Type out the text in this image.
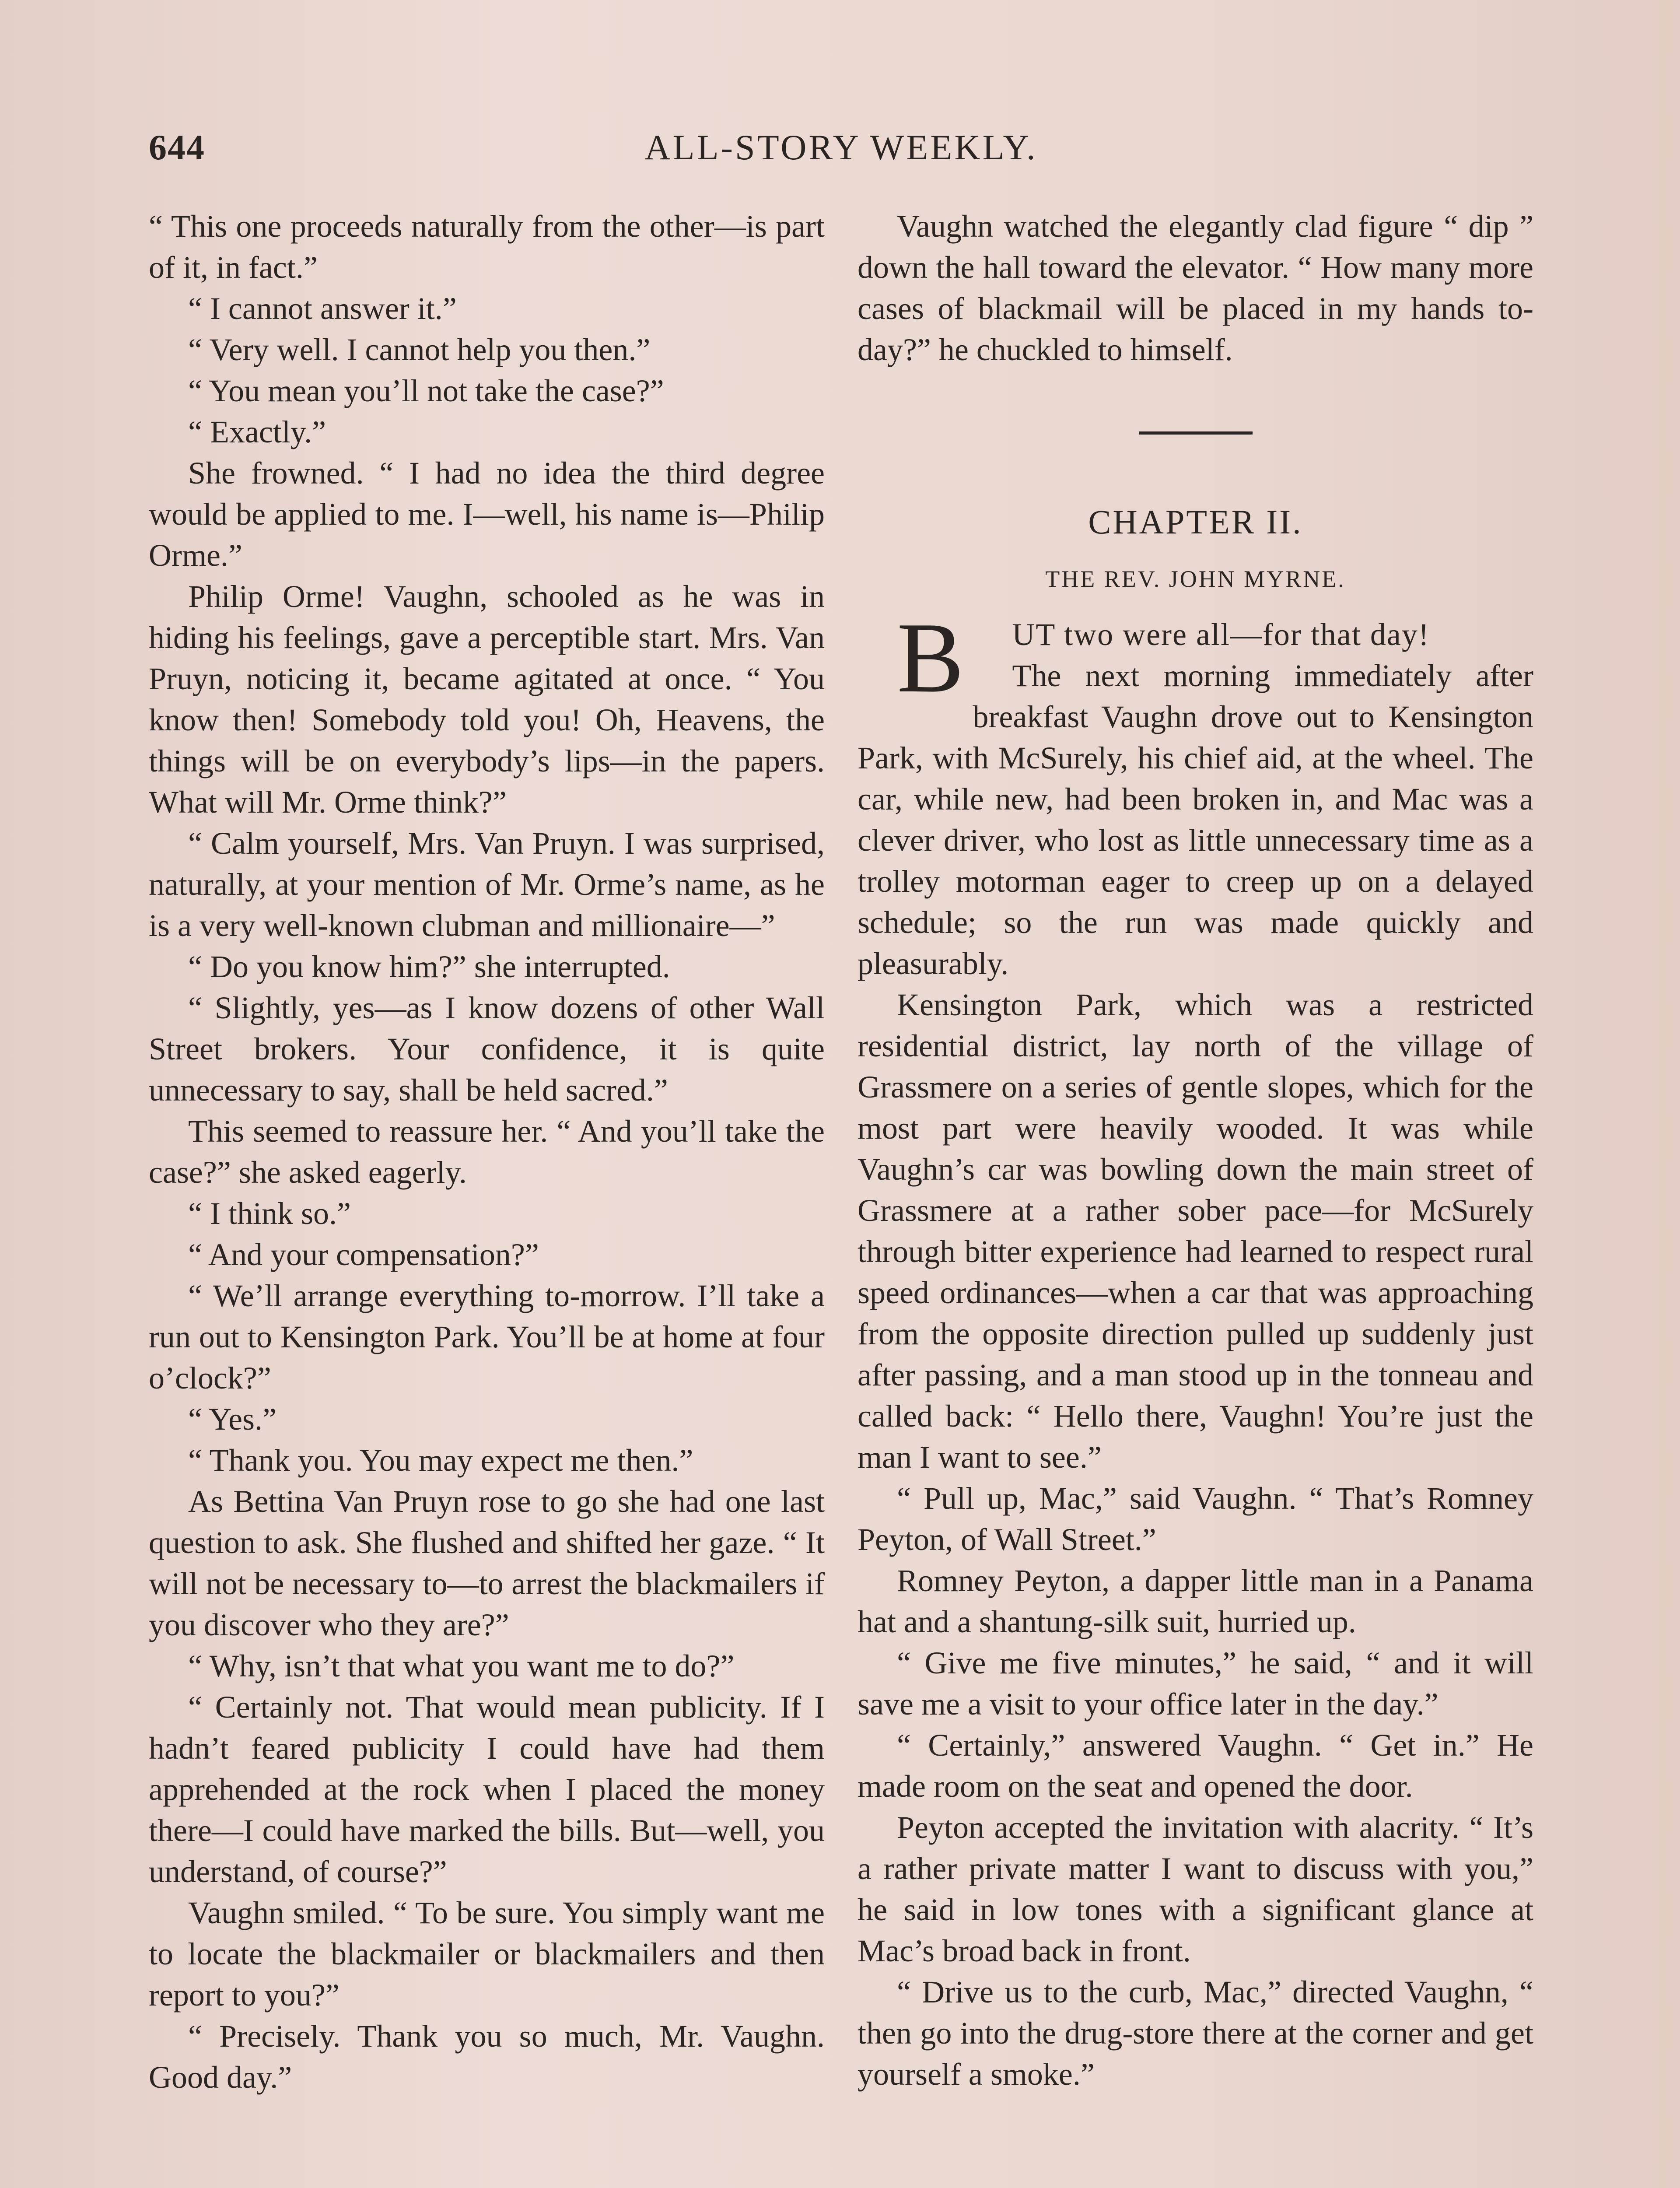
644	ALL-STORY WEEKLY.

“ This one proceeds naturally from the other—is part of it, in fact.”

“ I cannot answer it.”

“ Very well. I cannot help you then.”

“ You mean you’ll not take the case?”

“ Exactly.”

She frowned. “ I had no idea the third degree would be applied to me. I—well, his name is—Philip Orme.”

Philip Orme! Vaughn, schooled as he was in hiding his feelings, gave a perceptible start. Mrs. Van Pruyn, noticing it, became agitated at once. “ You know then! Somebody told you! Oh, Heavens, the things will be on everybody’s lips—in the papers. What will Mr. Orme think?”

“ Calm yourself, Mrs. Van Pruyn. I was surprised, naturally, at your mention of Mr. Orme’s name, as he is a very well-known clubman and millionaire—”

“ Do you know him?” she interrupted.

“ Slightly, yes—as I know dozens of other Wall Street brokers. Your confidence, it is quite unnecessary to say, shall be held sacred.”

This seemed to reassure her. “ And you’ll take the case?” she asked eagerly.

“ I think so.”

“ And your compensation?”

“ We’ll arrange everything to-morrow. I’ll take a run out to Kensington Park. You’ll be at home at four o’clock?”

“ Yes.”

“ Thank you. You may expect me then.”

As Bettina Van Pruyn rose to go she had one last question to ask. She flushed and shifted her gaze. “ It will not be necessary to—to arrest the blackmailers if you discover who they are?”

“ Why, isn’t that what you want me to do?”

“ Certainly not. That would mean publicity. If I hadn’t feared publicity I could have had them apprehended at the rock when I placed the money there—I could have marked the bills. But—well, you understand, of course?”

Vaughn smiled. “ To be sure. You simply want me to locate the blackmailer or blackmailers and then report to you?”

“ Precisely. Thank you so much, Mr. Vaughn. Good day.”

Vaughn watched the elegantly clad figure “ dip ” down the hall toward the elevator. “ How many more cases of blackmail will be placed in my hands to-day?” he chuckled to himself.

CHAPTER II.
THE REV. JOHN MYRNE.

B UT two were all—for that day!

The next morning immediately after breakfast Vaughn drove out to Kensington Park, with McSurely, his chief aid, at the wheel. The car, while new, had been broken in, and Mac was a clever driver, who lost as little unnecessary time as a trolley motorman eager to creep up on a delayed schedule; so the run was made quickly and pleasurably.

Kensington Park, which was a restricted residential district, lay north of the village of Grassmere on a series of gentle slopes, which for the most part were heavily wooded. It was while Vaughn’s car was bowling down the main street of Grassmere at a rather sober pace—for McSurely through bitter experience had learned to respect rural speed ordinances—when a car that was approaching from the opposite direction pulled up suddenly just after passing, and a man stood up in the tonneau and called back: “ Hello there, Vaughn! You’re just the man I want to see.”

“ Pull up, Mac,” said Vaughn. “ That’s Romney Peyton, of Wall Street.”

Romney Peyton, a dapper little man in a Panama hat and a shantung-silk suit, hurried up.

“ Give me five minutes,” he said, “ and it will save me a visit to your office later in the day.”

“ Certainly,” answered Vaughn. “ Get in.” He made room on the seat and opened the door.

Peyton accepted the invitation with alacrity. “ It’s a rather private matter I want to discuss with you,” he said in low tones with a significant glance at Mac’s broad back in front.

“ Drive us to the curb, Mac,” directed Vaughn, “ then go into the drug-store there at the corner and get yourself a smoke.”
